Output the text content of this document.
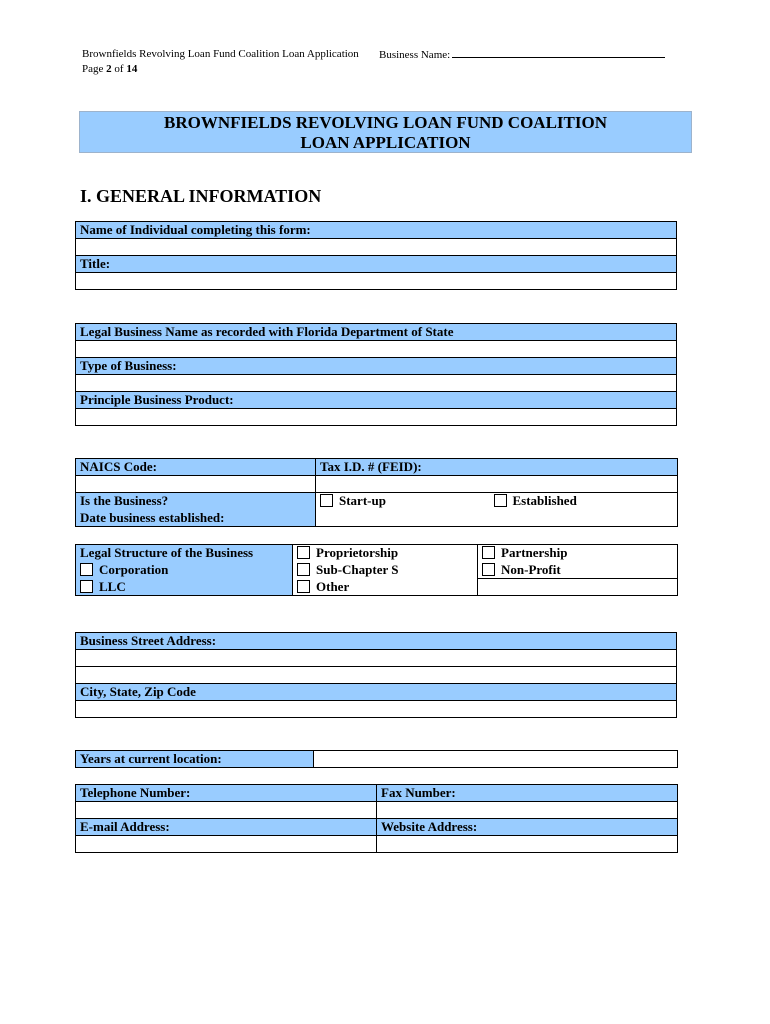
Brownfields Revolving Loan Fund Coalition Loan Application
Page 2 of 14
Business Name:
BROWNFIELDS REVOLVING LOAN FUND COALITION
LOAN APPLICATION
I. GENERAL INFORMATION
Name of Individual completing this form:

Title:

Legal Business Name as recorded with Florida Department of State

Type of Business:

Principle Business Product:

NAICS Code:	Tax I.D. # (FEID):	

Is the Business?	Start-up	Established
Date business established:		
Legal Structure of the Business	Proprietorship	Partnership
Corporation	Sub-Chapter S	Non-Profit
LLC	Other	
Business Street Address:

City, State, Zip Code

Years at current location:	
Telephone Number:	Fax Number:

E-mail Address:	Website Address:
